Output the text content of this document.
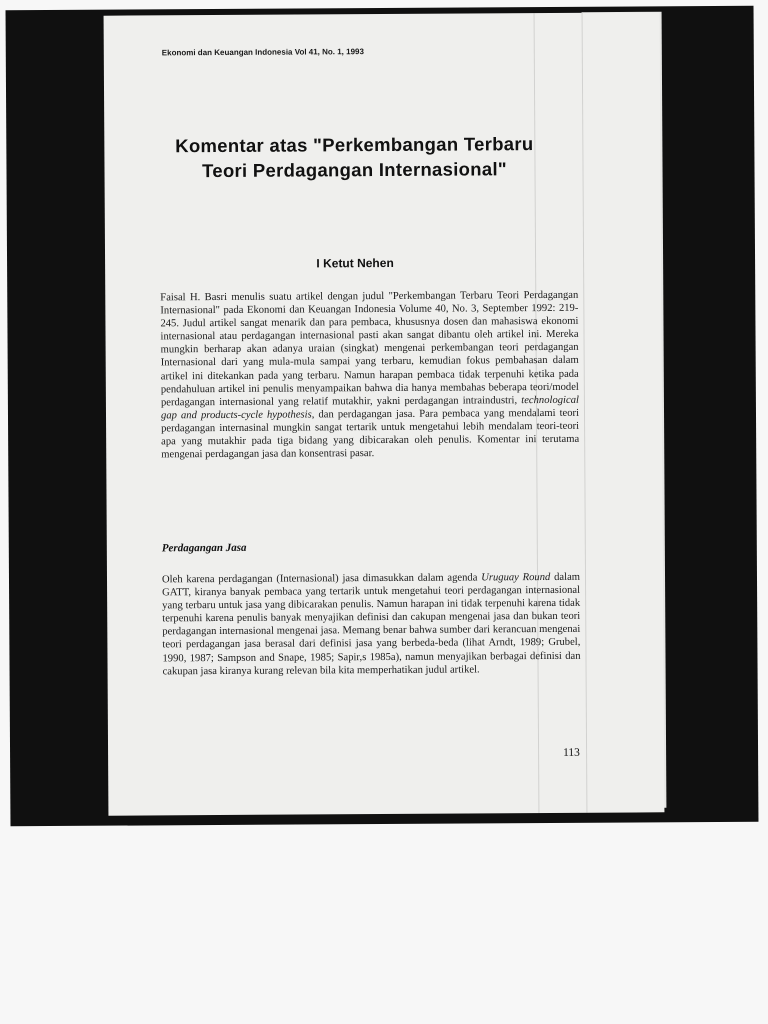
Ekonomi dan Keuangan Indonesia Vol 41, No. 1, 1993
Komentar atas "Perkembangan Terbaru Teori Perdagangan Internasional"
I Ketut Nehen

Faisal H. Basri menulis suatu artikel dengan judul "Perkembangan Terbaru Teori Perdagangan Internasional" pada Ekonomi dan Keuangan Indonesia Volume 40, No. 3, September 1992: 219-245. Judul artikel sangat menarik dan para pembaca, khususnya dosen dan mahasiswa ekonomi internasional atau perdagangan internasional pasti akan sangat dibantu oleh artikel ini. Mereka mungkin berharap akan adanya uraian (singkat) mengenai perkembangan teori perdagangan Internasional dari yang mula-mula sampai yang terbaru, kemudian fokus pembahasan dalam artikel ini ditekankan pada yang terbaru. Namun harapan pembaca tidak terpenuhi ketika pada pendahuluan artikel ini penulis menyampaikan bahwa dia hanya membahas beberapa teori/model perdagangan internasional yang relatif mutakhir, yakni perdagangan intraindustri, technological gap and products-cycle hypothesis, dan perdagangan jasa. Para pembaca yang mendalami teori perdagangan internasinal mungkin sangat tertarik untuk mengetahui lebih mendalam teori-teori apa yang mutakhir pada tiga bidang yang dibicarakan oleh penulis. Komentar ini terutama mengenai perdagangan jasa dan konsentrasi pasar.

Perdagangan Jasa

Oleh karena perdagangan (Internasional) jasa dimasukkan dalam agenda Uruguay Round dalam GATT, kiranya banyak pembaca yang tertarik untuk mengetahui teori perdagangan internasional yang terbaru untuk jasa yang dibicarakan penulis. Namun harapan ini tidak terpenuhi karena tidak terpenuhi karena penulis banyak menyajikan definisi dan cakupan mengenai jasa dan bukan teori perdagangan internasional mengenai jasa. Memang benar bahwa sumber dari kerancuan mengenai teori perdagangan jasa berasal dari definisi jasa yang berbeda-beda (lihat Arndt, 1989; Grubel, 1990, 1987; Sampson and Snape, 1985; Sapir,s 1985a), namun menyajikan berbagai definisi dan cakupan jasa kiranya kurang relevan bila kita memperhatikan judul artikel.

113
